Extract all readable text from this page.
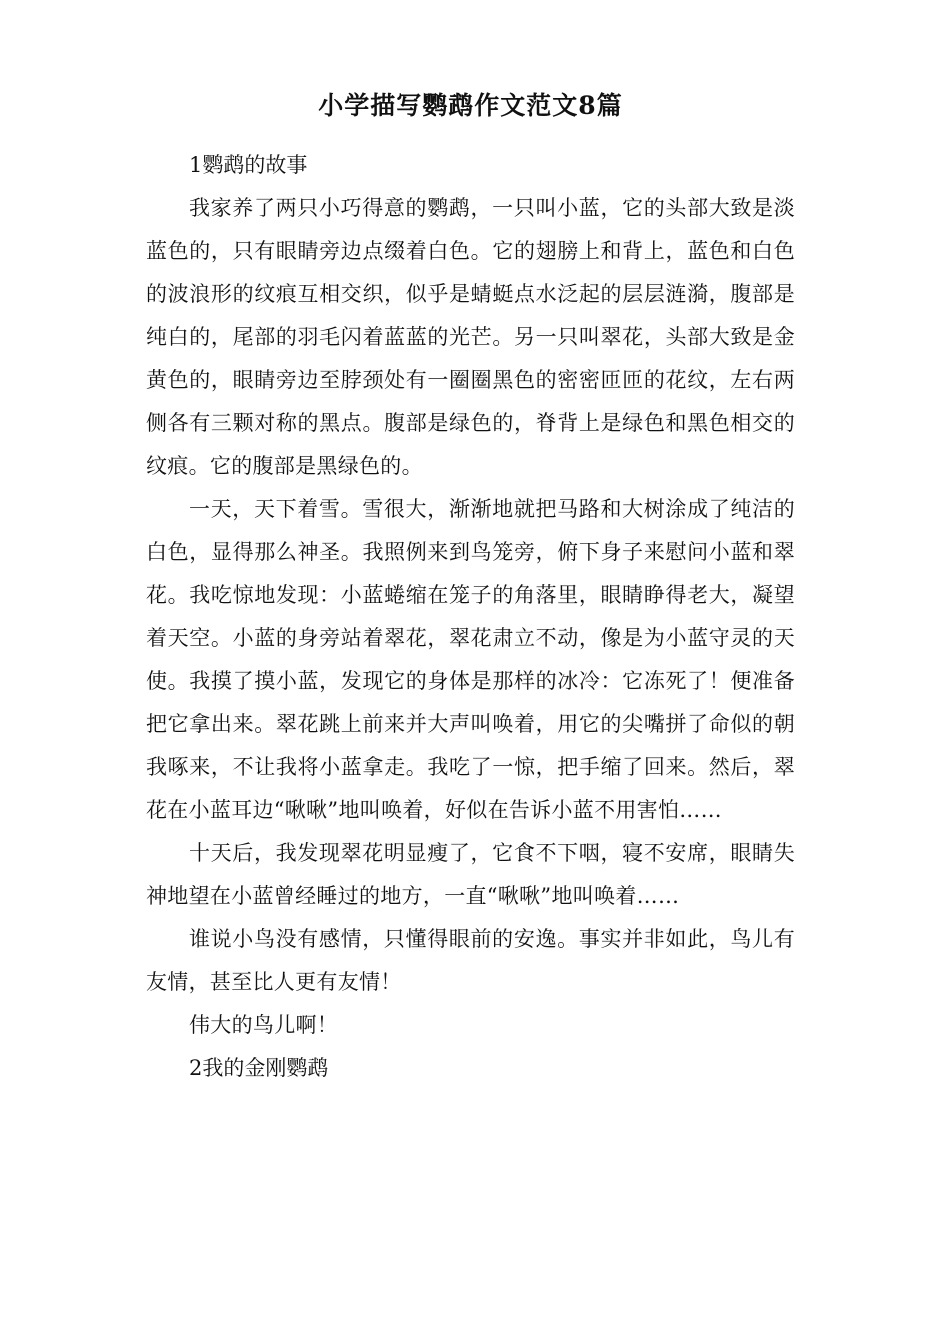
小学描写鹦鹉作文范文8篇

1鹦鹉的故事

我家养了两只小巧得意的鹦鹉，一只叫小蓝，它的头部大致是淡蓝色的，只有眼睛旁边点缀着白色。它的翅膀上和背上，蓝色和白色的波浪形的纹痕互相交织，似乎是蜻蜓点水泛起的层层涟漪，腹部是纯白的，尾部的羽毛闪着蓝蓝的光芒。另一只叫翠花，头部大致是金黄色的，眼睛旁边至脖颈处有一圈圈黑色的密密匝匝的花纹，左右两侧各有三颗对称的黑点。腹部是绿色的，脊背上是绿色和黑色相交的纹痕。它的腹部是黑绿色的。

一天，天下着雪。雪很大，渐渐地就把马路和大树涂成了纯洁的白色，显得那么神圣。我照例来到鸟笼旁，俯下身子来慰问小蓝和翠花。我吃惊地发现：小蓝蜷缩在笼子的角落里，眼睛睁得老大，凝望着天空。小蓝的身旁站着翠花，翠花肃立不动，像是为小蓝守灵的天使。我摸了摸小蓝，发现它的身体是那样的冰冷：它冻死了！便准备把它拿出来。翠花跳上前来并大声叫唤着，用它的尖嘴拼了命似的朝我啄来，不让我将小蓝拿走。我吃了一惊，把手缩了回来。然后，翠花在小蓝耳边“啾啾”地叫唤着，好似在告诉小蓝不用害怕……

十天后，我发现翠花明显瘦了，它食不下咽，寝不安席，眼睛失神地望在小蓝曾经睡过的地方，一直“啾啾”地叫唤着……

谁说小鸟没有感情，只懂得眼前的安逸。事实并非如此，鸟儿有友情，甚至比人更有友情！

伟大的鸟儿啊！

2我的金刚鹦鹉
